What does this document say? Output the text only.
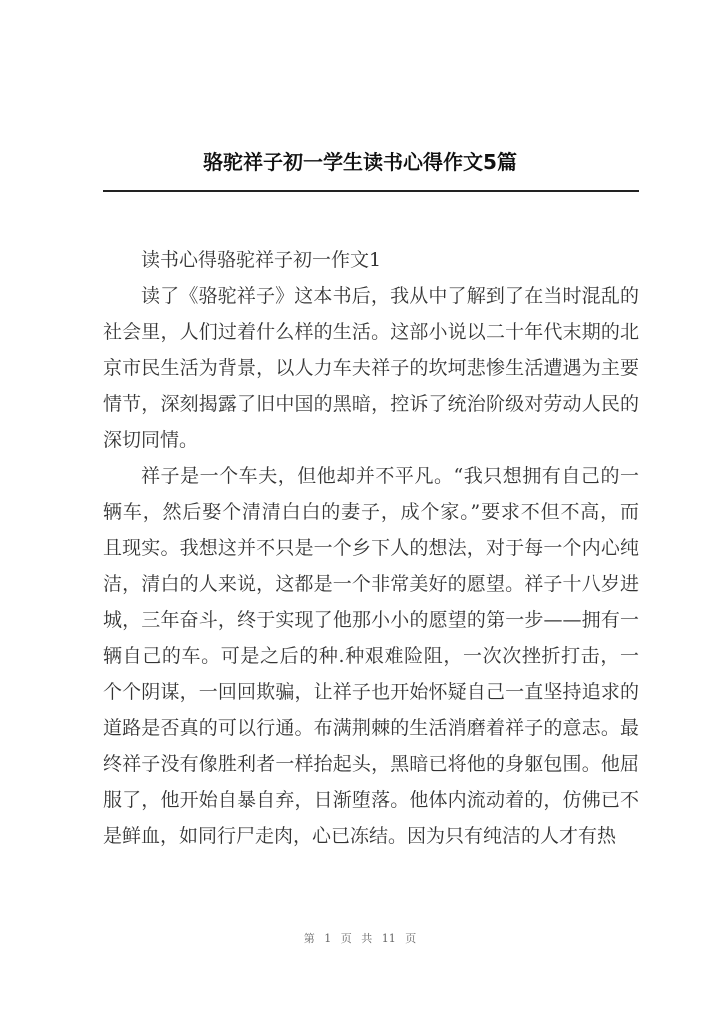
骆驼祥子初一学生读书心得作文5篇
读书心得骆驼祥子初一作文1
读了《骆驼祥子》这本书后，我从中了解到了在当时混乱的
社会里，人们过着什么样的生活。这部小说以二十年代末期的北
京市民生活为背景，以人力车夫祥子的坎坷悲惨生活遭遇为主要
情节，深刻揭露了旧中国的黑暗，控诉了统治阶级对劳动人民的
深切同情。
祥子是一个车夫，但他却并不平凡。“我只想拥有自己的一
辆车，然后娶个清清白白的妻子，成个家。”要求不但不高，而
且现实。我想这并不只是一个乡下人的想法，对于每一个内心纯
洁，清白的人来说，这都是一个非常美好的愿望。祥子十八岁进
城，三年奋斗，终于实现了他那小小的愿望的第一步——拥有一
辆自己的车。可是之后的种.种艰难险阻，一次次挫折打击，一
个个阴谋，一回回欺骗，让祥子也开始怀疑自己一直坚持追求的
道路是否真的可以行通。布满荆棘的生活消磨着祥子的意志。最
终祥子没有像胜利者一样抬起头，黑暗已将他的身躯包围。他屈
服了，他开始自暴自弃，日渐堕落。他体内流动着的，仿佛已不
是鲜血，如同行尸走肉，心已冻结。因为只有纯洁的人才有热
第 1 页 共 11 页
